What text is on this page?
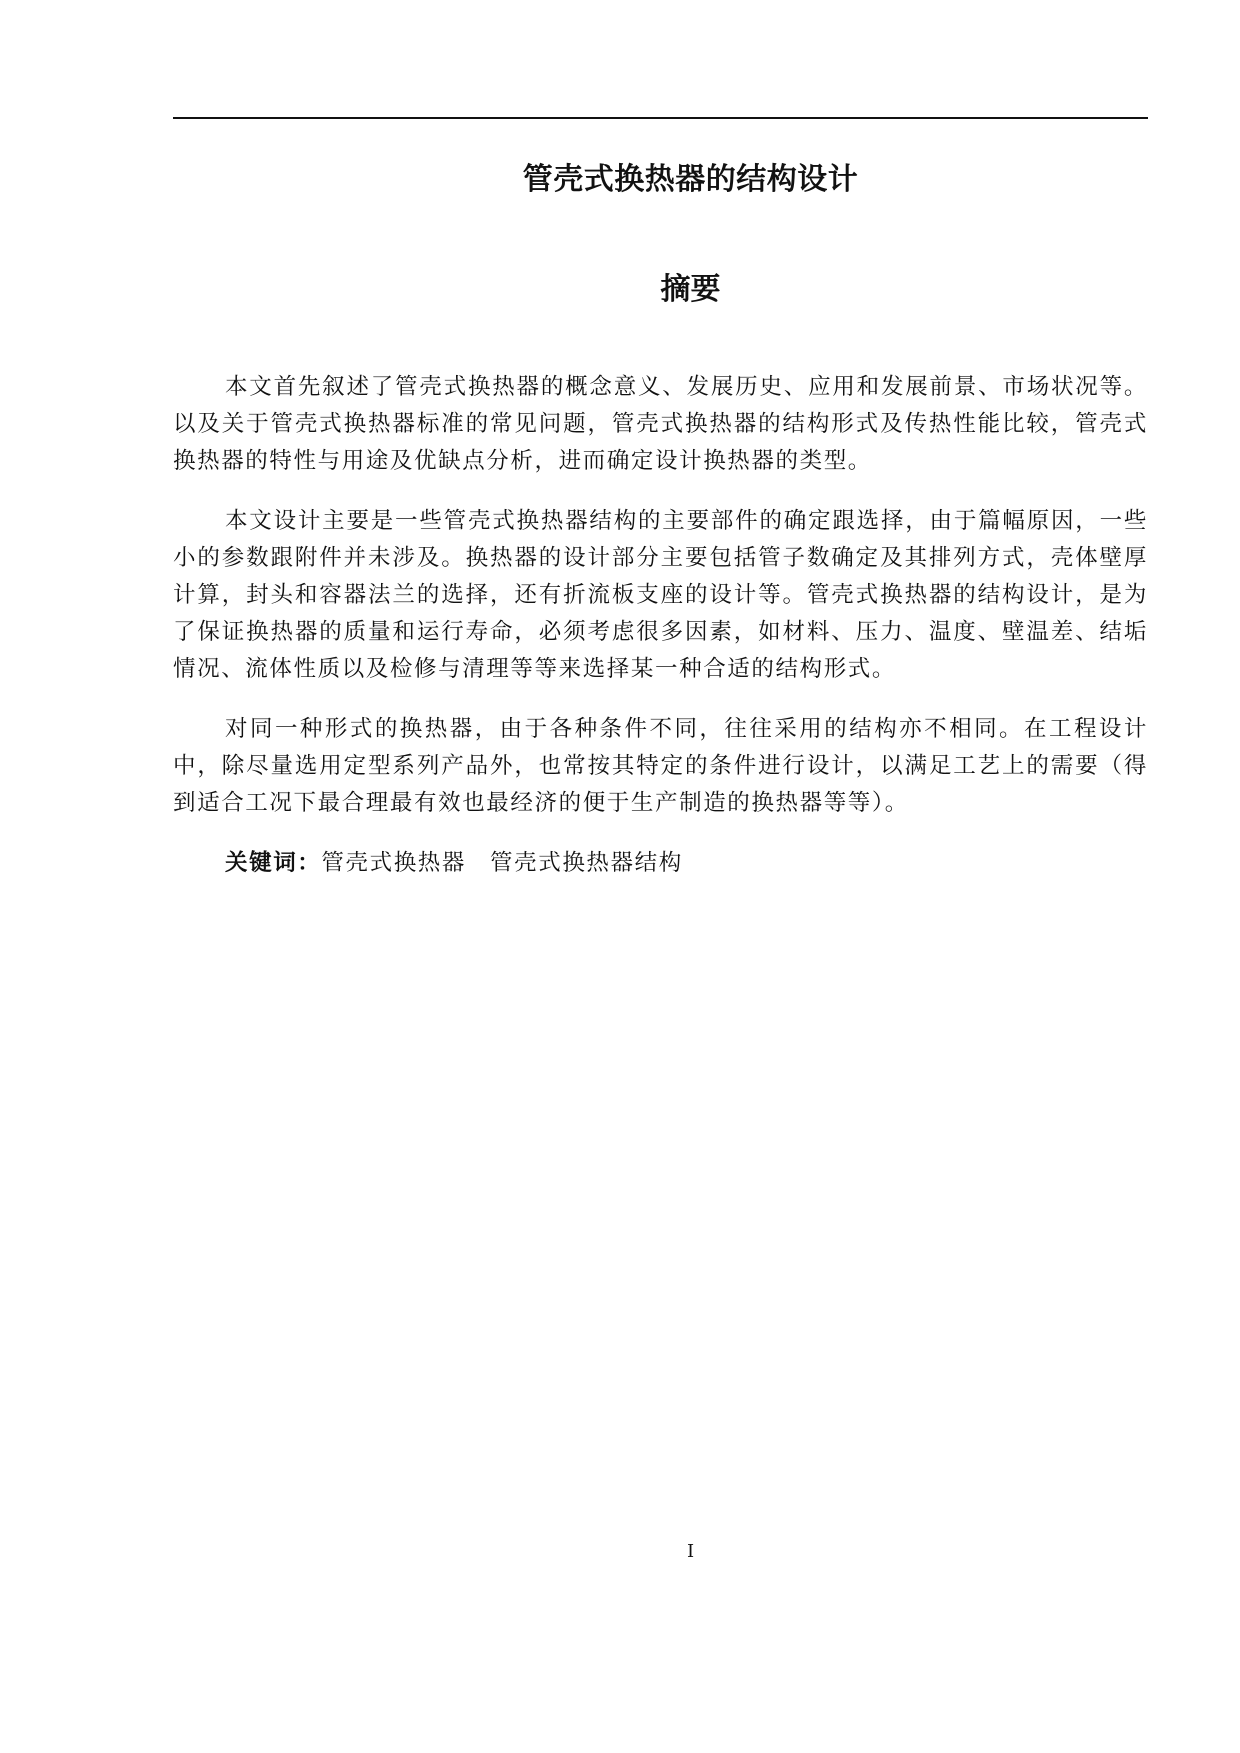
管壳式换热器的结构设计
摘要

本文首先叙述了管壳式换热器的概念意义、发展历史、应用和发展前景、市场状况等。以及关于管壳式换热器标准的常见问题，管壳式换热器的结构形式及传热性能比较，管壳式换热器的特性与用途及优缺点分析，进而确定设计换热器的类型。

本文设计主要是一些管壳式换热器结构的主要部件的确定跟选择，由于篇幅原因，一些小的参数跟附件并未涉及。换热器的设计部分主要包括管子数确定及其排列方式，壳体壁厚计算，封头和容器法兰的选择，还有折流板支座的设计等。管壳式换热器的结构设计，是为了保证换热器的质量和运行寿命，必须考虑很多因素，如材料、压力、温度、壁温差、结垢情况、流体性质以及检修与清理等等来选择某一种合适的结构形式。

对同一种形式的换热器，由于各种条件不同，往往采用的结构亦不相同。在工程设计中，除尽量选用定型系列产品外，也常按其特定的条件进行设计，以满足工艺上的需要（得到适合工况下最合理最有效也最经济的便于生产制造的换热器等等）。

关键词：管壳式换热器 管壳式换热器结构

I
